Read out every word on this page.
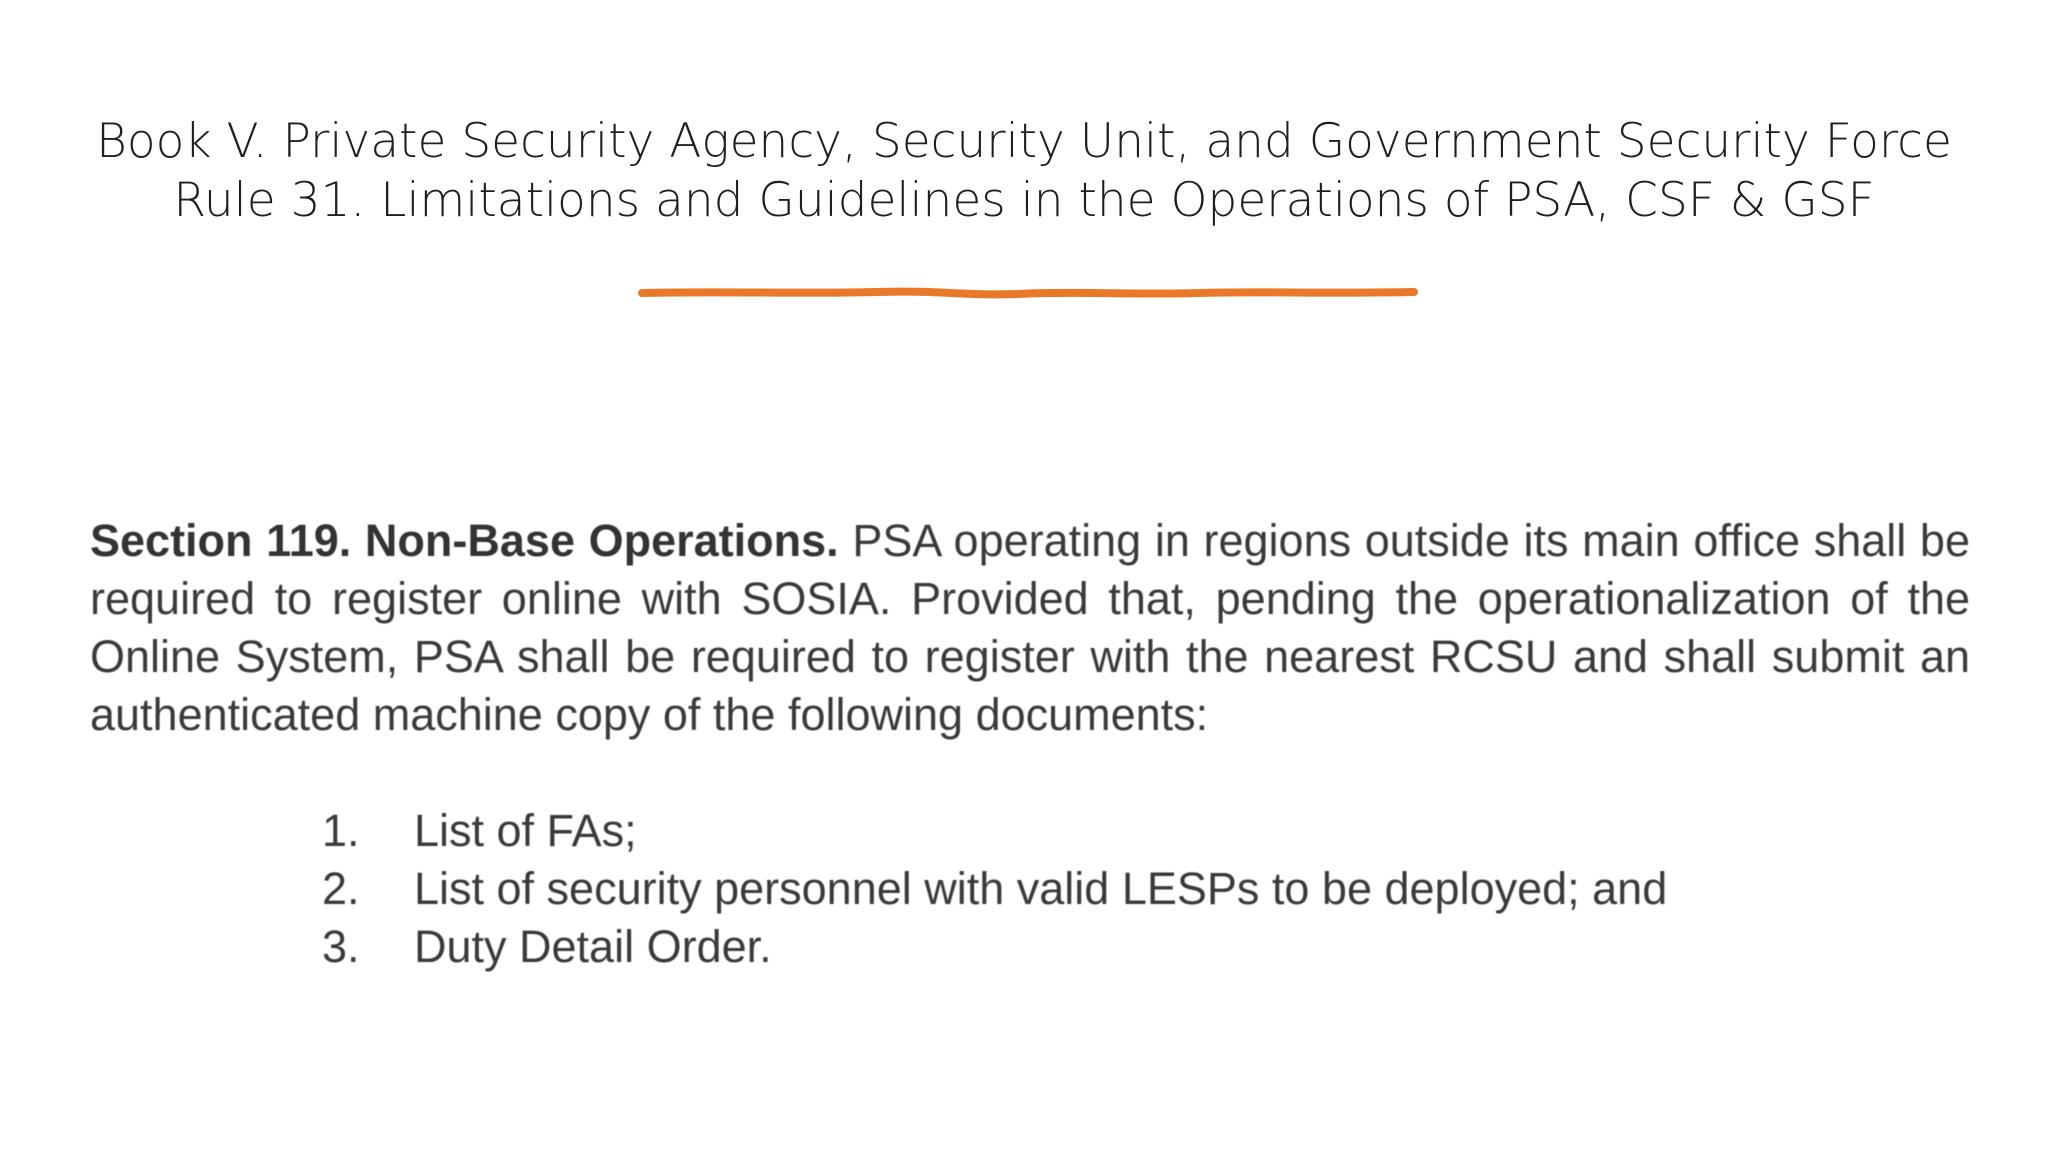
Book V. Private Security Agency, Security Unit, and Government Security Force
Rule 31. Limitations and Guidelines in the Operations of PSA, CSF & GSF
Section 119. Non-Base Operations. PSA operating in regions outside its main office shall be required to register online with SOSIA. Provided that, pending the operationalization of the Online System, PSA shall be required to register with the nearest RCSU and shall submit an authenticated machine copy of the following documents:
1.	List of FAs;
2.	List of security personnel with valid LESPs to be deployed; and
3.	Duty Detail Order.
